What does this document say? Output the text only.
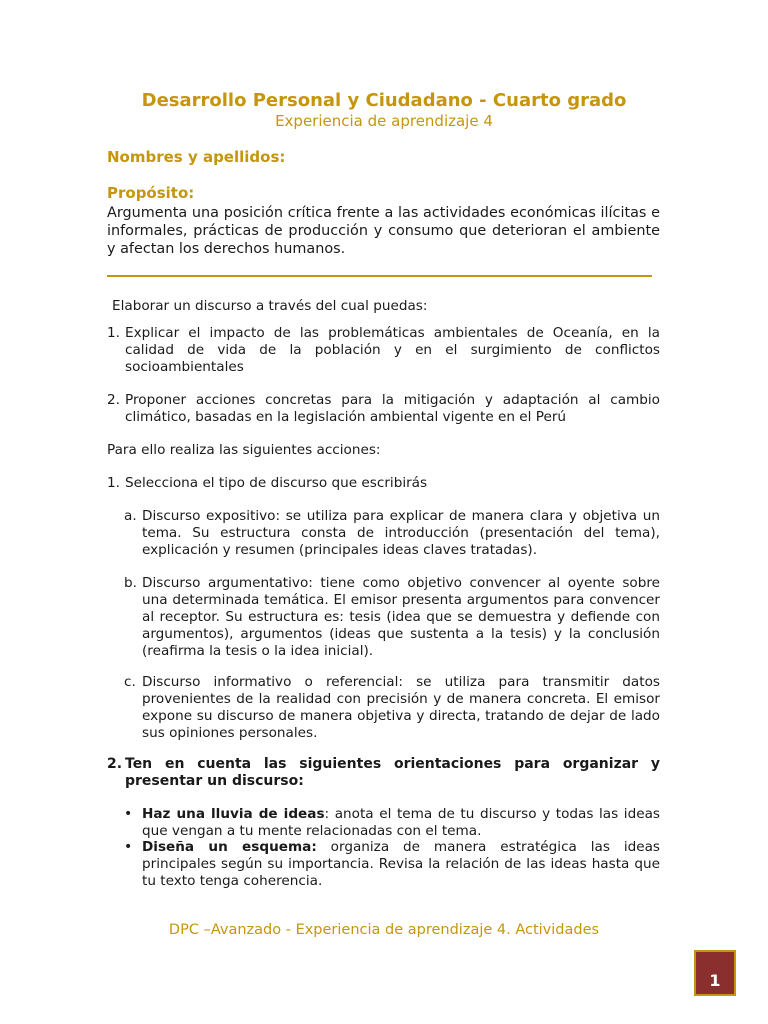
Desarrollo Personal y Ciudadano - Cuarto grado
Experiencia de aprendizaje 4
Nombres y apellidos:
Propósito:
Argumenta una posición crítica frente a las actividades económicas ilícitas e informales, prácticas de producción y consumo que deterioran el ambiente y afectan los derechos humanos.
Elaborar un discurso a través del cual puedas:
1. Explicar el impacto de las problemáticas ambientales de Oceanía, en la calidad de vida de la población y en el surgimiento de conflictos socioambientales
2. Proponer acciones concretas para la mitigación y adaptación al cambio climático, basadas en la legislación ambiental vigente en el Perú
Para ello realiza las siguientes acciones:
1. Selecciona el tipo de discurso que escribirás
a. Discurso expositivo: se utiliza para explicar de manera clara y objetiva un tema. Su estructura consta de introducción (presentación del tema), explicación y resumen (principales ideas claves tratadas).
b. Discurso argumentativo: tiene como objetivo convencer al oyente sobre una determinada temática. El emisor presenta argumentos para convencer al receptor. Su estructura es: tesis (idea que se demuestra y defiende con argumentos), argumentos (ideas que sustenta a la tesis) y la conclusión (reafirma la tesis o la idea inicial).
c. Discurso informativo o referencial: se utiliza para transmitir datos provenientes de la realidad con precisión y de manera concreta. El emisor expone su discurso de manera objetiva y directa, tratando de dejar de lado sus opiniones personales.
2. Ten en cuenta las siguientes orientaciones para organizar y presentar un discurso:
• Haz una lluvia de ideas: anota el tema de tu discurso y todas las ideas que vengan a tu mente relacionadas con el tema.
• Diseña un esquema: organiza de manera estratégica las ideas principales según su importancia. Revisa la relación de las ideas hasta que tu texto tenga coherencia.
DPC –Avanzado - Experiencia de aprendizaje 4. Actividades
1
